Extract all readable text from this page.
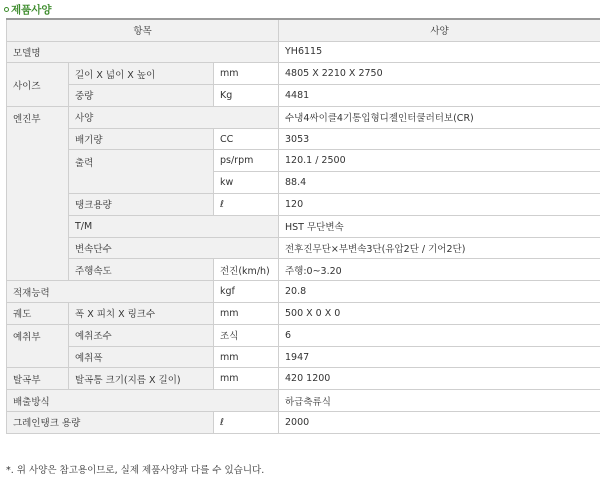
제품사양
항목			사양
모델명			YH6115
사이즈	길이 X 넓이 X 높이	mm	4805 X 2210 X 2750
	중량	Kg	4481
엔진부	사양		수냉4싸이클4기통입형디젤인터쿨러터보(CR)
	배기량	CC	3053
	출력	ps/rpm	120.1 / 2500
		kw	88.4
	탱크용량	ℓ	120
	T/M		HST 무단변속
	변속단수		전후진무단×부변속3단(유압2단 / 기어2단)
	주행속도	전진(km/h)	주행:0~3.20
적재능력		kgf	20.8
궤도	폭 X 피치 X 링크수	mm	500 X 0 X 0
예취부	예취조수	조식	6
	예취폭	mm	1947
탈곡부	탈곡통 크기(지름 X 길이)	mm	420 1200
배출방식			하급축류식
그레인탱크 용량		ℓ	2000
*. 위 사양은 참고용이므로, 실제 제품사양과 다를 수 있습니다.
